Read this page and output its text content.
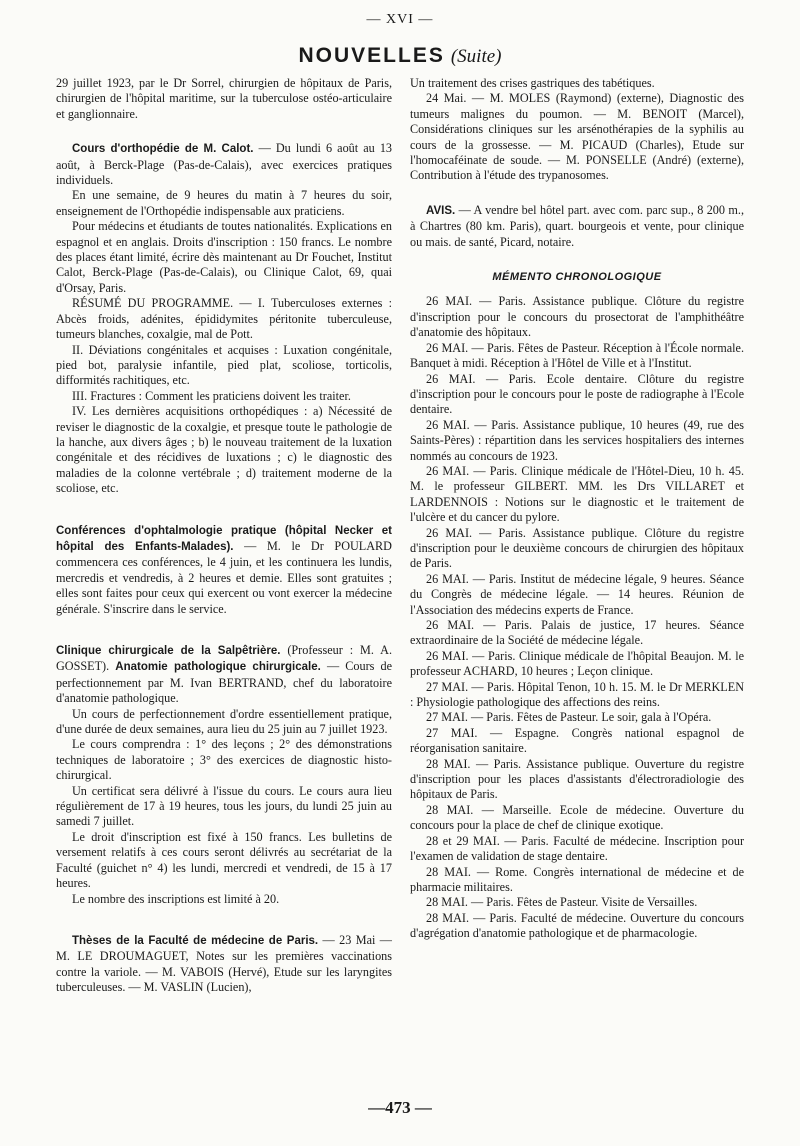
— XVI —
NOUVELLES (Suite)

29 juillet 1923, par le Dr Sorrel, chirurgien de hôpitaux de Paris, chirurgien de l'hôpital maritime, sur la tuberculose ostéo-articulaire et ganglionnaire.

Cours d'orthopédie de M. Calot. — Du lundi 6 août au 13 août, à Berck-Plage (Pas-de-Calais), avec exercices pratiques individuels.

En une semaine, de 9 heures du matin à 7 heures du soir, enseignement de l'Orthopédie indispensable aux praticiens.

Pour médecins et étudiants de toutes nationalités. Explications en espagnol et en anglais. Droits d'inscription : 150 francs. Le nombre des places étant limité, écrire dès maintenant au Dr Fouchet, Institut Calot, Berck-Plage (Pas-de-Calais), ou Clinique Calot, 69, quai d'Orsay, Paris.

RÉSUMÉ DU PROGRAMME. — I. Tuberculoses externes : Abcès froids, adénites, épididymites péritonite tuberculeuse, tumeurs blanches, coxalgie, mal de Pott.

II. Déviations congénitales et acquises : Luxation congénitale, pied bot, paralysie infantile, pied plat, scoliose, torticolis, difformités rachitiques, etc.

III. Fractures : Comment les praticiens doivent les traiter.

IV. Les dernières acquisitions orthopédiques : a) Nécessité de reviser le diagnostic de la coxalgie, et presque toute le pathologie de la hanche, aux divers âges ; b) le nouveau traitement de la luxation congénitale et des récidives de luxations ; c) le diagnostic des maladies de la colonne vertébrale ; d) traitement moderne de la scoliose, etc.

Conférences d'ophtalmologie pratique (hôpital Necker et hôpital des Enfants-Malades). — M. le Dr POULARD commencera ces conférences, le 4 juin, et les continuera les lundis, mercredis et vendredis, à 2 heures et demie. Elles sont gratuites ; elles sont faites pour ceux qui exercent ou vont exercer la médecine générale. S'inscrire dans le service.

Clinique chirurgicale de la Salpêtrière. (Professeur : M. A. GOSSET). Anatomie pathologique chirurgicale. — Cours de perfectionnement par M. Ivan BERTRAND, chef du laboratoire d'anatomie pathologique.

Un cours de perfectionnement d'ordre essentiellement pratique, d'une durée de deux semaines, aura lieu du 25 juin au 7 juillet 1923.

Le cours comprendra : 1° des leçons ; 2° des démonstrations techniques de laboratoire ; 3° des exercices de diagnostic histo-chirurgical.

Un certificat sera délivré à l'issue du cours. Le cours aura lieu régulièrement de 17 à 19 heures, tous les jours, du lundi 25 juin au samedi 7 juillet.

Le droit d'inscription est fixé à 150 francs. Les bulletins de versement relatifs à ces cours seront délivrés au secrétariat de la Faculté (guichet n° 4) les lundi, mercredi et vendredi, de 15 à 17 heures.

Le nombre des inscriptions est limité à 20.

Thèses de la Faculté de médecine de Paris. — 23 Mai — M. LE DROUMAGUET, Notes sur les premières vaccinations contre la variole. — M. VABOIS (Hervé), Etude sur les laryngites tuberculeuses. — M. VASLIN (Lucien),

Un traitement des crises gastriques des tabétiques.

24 Mai. — M. MOLES (Raymond) (externe), Diagnostic des tumeurs malignes du poumon. — M. BENOIT (Marcel), Considérations cliniques sur les arsénothérapies de la syphilis au cours de la grossesse. — M. PICAUD (Charles), Etude sur l'homocaféinate de soude. — M. PONSELLE (André) (externe), Contribution à l'étude des trypanosomes.

AVIS. — A vendre bel hôtel part. avec com. parc sup., 8 200 m., à Chartres (80 km. Paris), quart. bourgeois et vente, pour clinique ou mais. de santé, Picard, notaire.

MÉMENTO CHRONOLOGIQUE

26 MAI. — Paris. Assistance publique. Clôture du registre d'inscription pour le concours du prosectorat de l'amphithéâtre d'anatomie des hôpitaux.

26 MAI. — Paris. Fêtes de Pasteur. Réception à l'École normale. Banquet à midi. Réception à l'Hôtel de Ville et à l'Institut.

26 MAI. — Paris. Ecole dentaire. Clôture du registre d'inscription pour le concours pour le poste de radiographe à l'Ecole dentaire.

26 MAI. — Paris. Assistance publique, 10 heures (49, rue des Saints-Pères) : répartition dans les services hospitaliers des internes nommés au concours de 1923.

26 MAI. — Paris. Clinique médicale de l'Hôtel-Dieu, 10 h. 45. M. le professeur GILBERT. MM. les Drs VILLARET et LARDENNOIS : Notions sur le diagnostic et le traitement de l'ulcère et du cancer du pylore.

26 MAI. — Paris. Assistance publique. Clôture du registre d'inscription pour le deuxième concours de chirurgien des hôpitaux de Paris.

26 MAI. — Paris. Institut de médecine légale, 9 heures. Séance du Congrès de médecine légale. — 14 heures. Réunion de l'Association des médecins experts de France.

26 MAI. — Paris. Palais de justice, 17 heures. Séance extraordinaire de la Société de médecine légale.

26 MAI. — Paris. Clinique médicale de l'hôpital Beaujon. M. le professeur ACHARD, 10 heures ; Leçon clinique.

27 MAI. — Paris. Hôpital Tenon, 10 h. 15. M. le Dr MERKLEN : Physiologie pathologique des affections des reins.

27 MAI. — Paris. Fêtes de Pasteur. Le soir, gala à l'Opéra.

27 MAI. — Espagne. Congrès national espagnol de réorganisation sanitaire.

28 MAI. — Paris. Assistance publique. Ouverture du registre d'inscription pour les places d'assistants d'électroradiologie des hôpitaux de Paris.

28 MAI. — Marseille. Ecole de médecine. Ouverture du concours pour la place de chef de clinique exotique.

28 et 29 MAI. — Paris. Faculté de médecine. Inscription pour l'examen de validation de stage dentaire.

28 MAI. — Rome. Congrès international de médecine et de pharmacie militaires.

28 MAI. — Paris. Fêtes de Pasteur. Visite de Versailles.

28 MAI. — Paris. Faculté de médecine. Ouverture du concours d'agrégation d'anatomie pathologique et de pharmacologie.

—473 —
